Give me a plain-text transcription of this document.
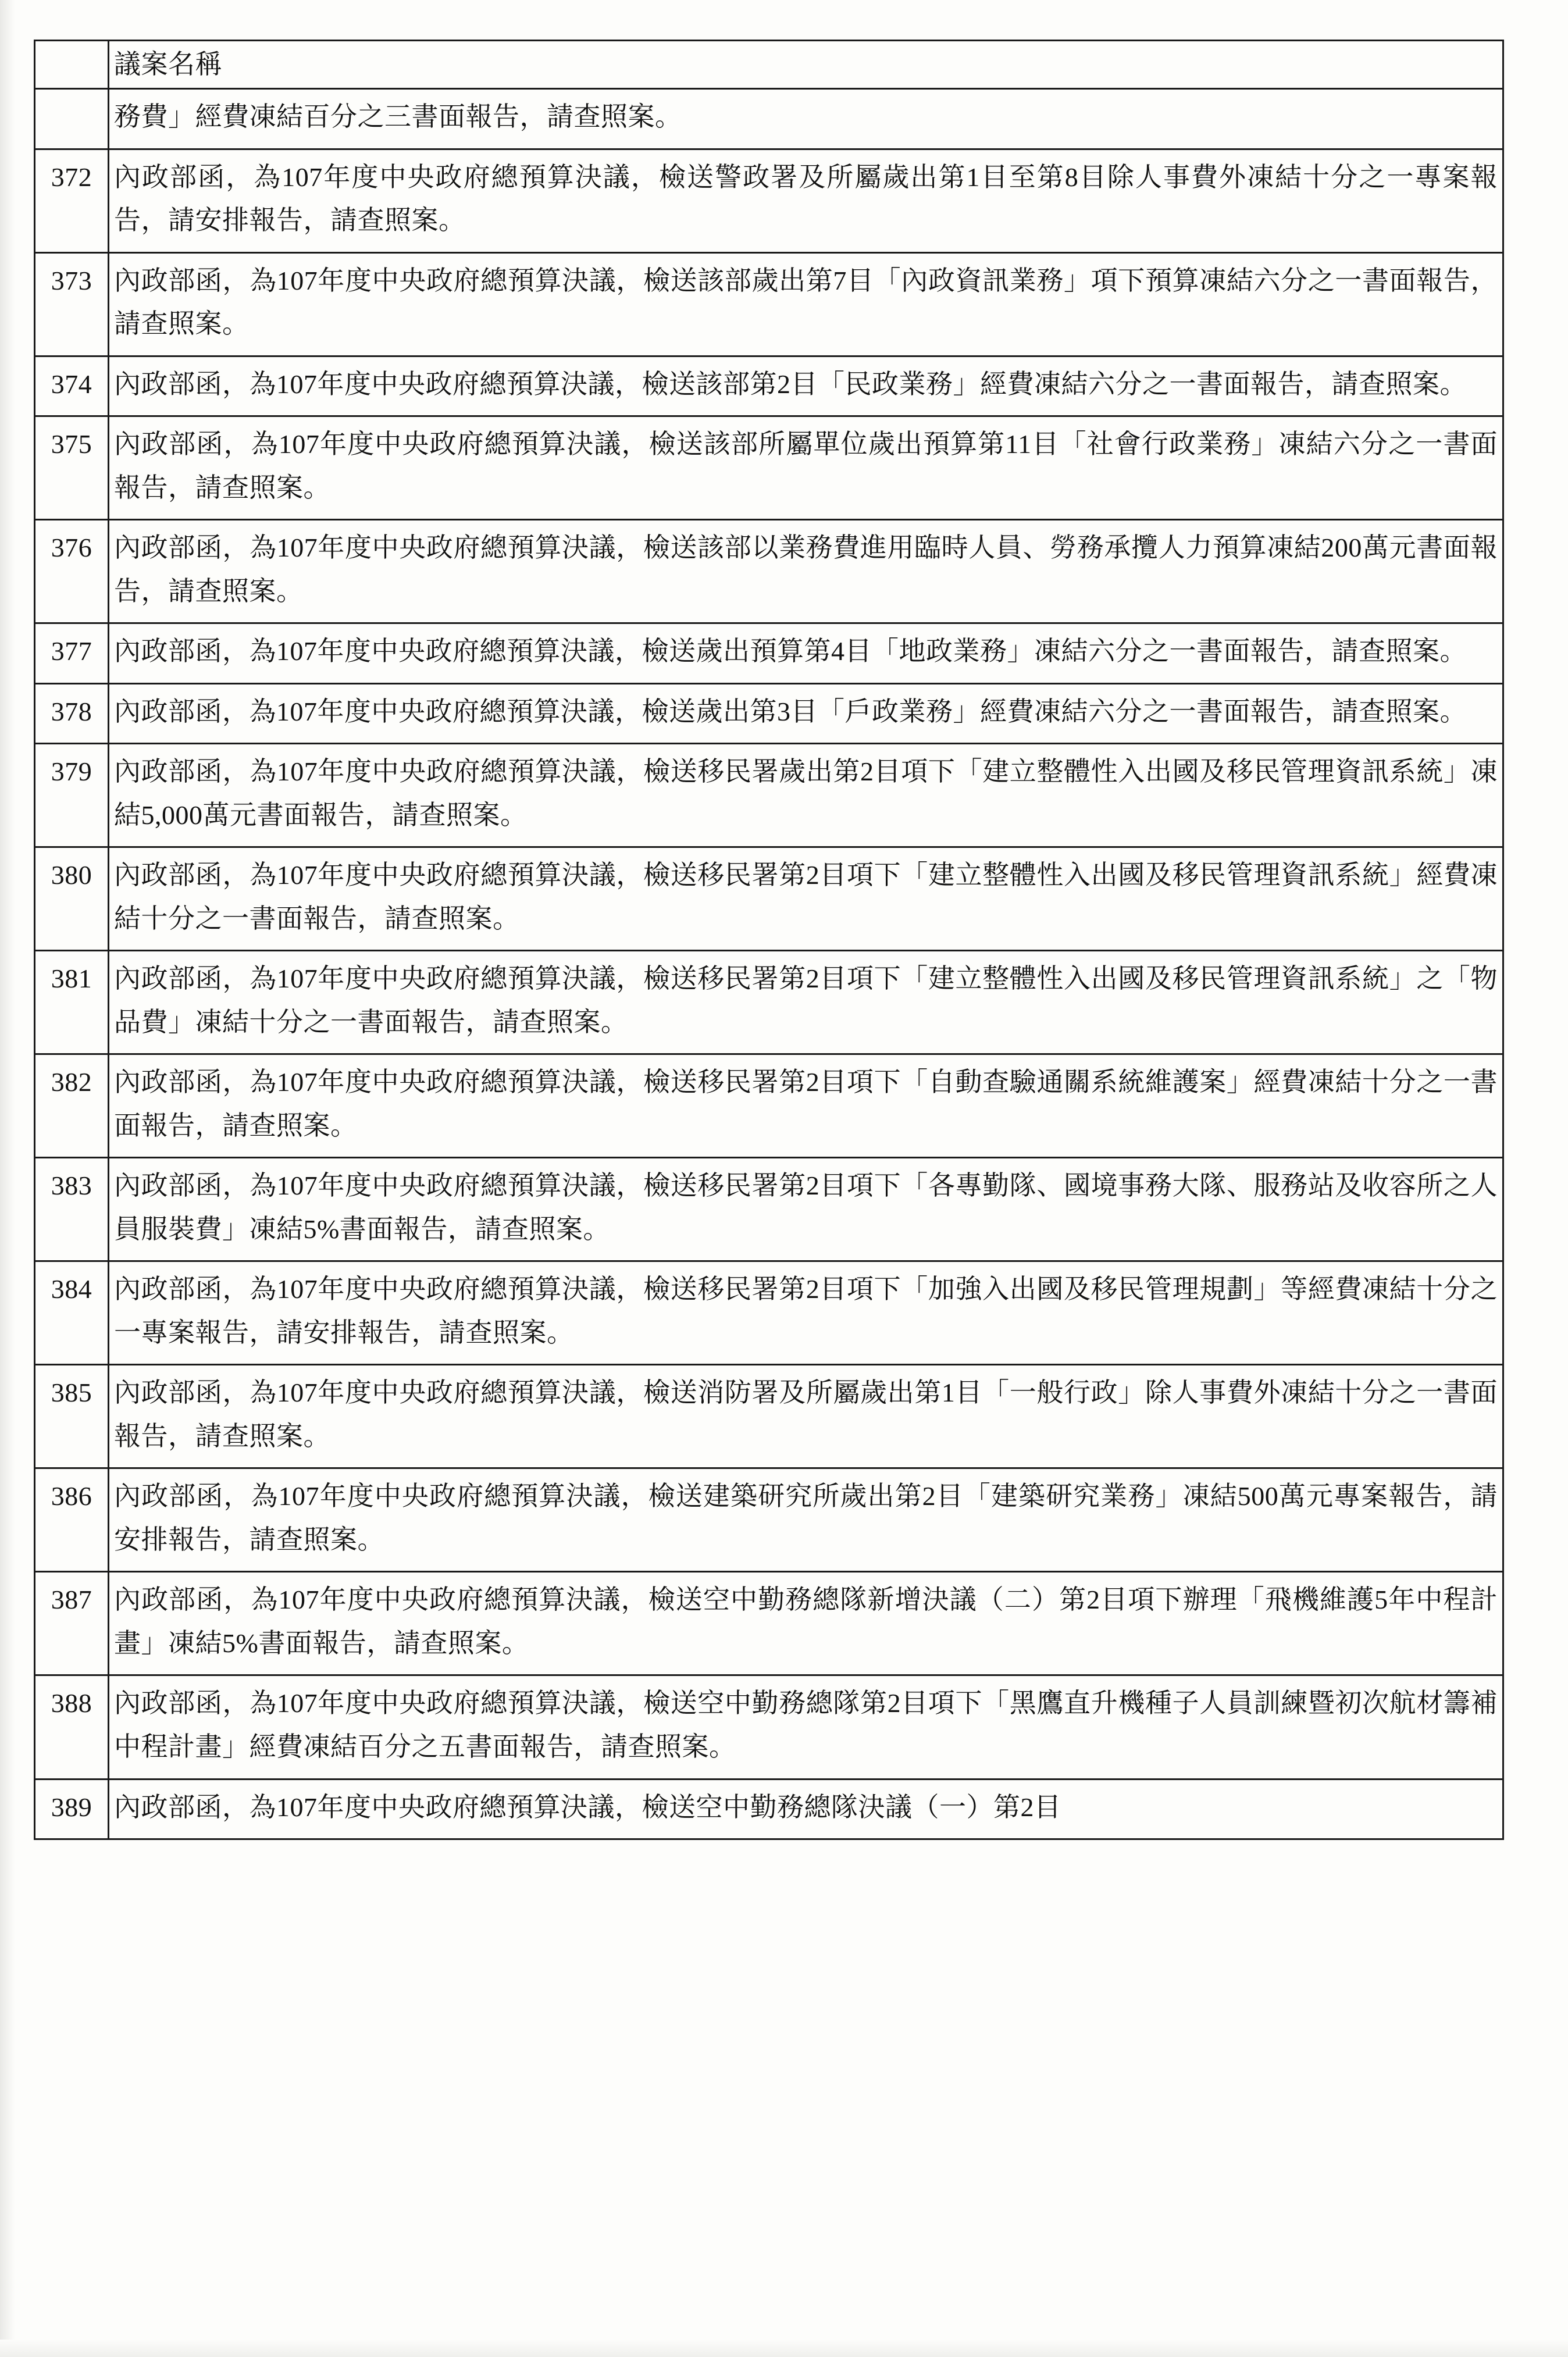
	議案名稱
	務費」經費凍結百分之三書面報告，請查照案。
372	內政部函，為107年度中央政府總預算決議，檢送警政署及所屬歲出第1目至第8目除人事費外凍結十分之一專案報告，請安排報告，請查照案。
373	內政部函，為107年度中央政府總預算決議，檢送該部歲出第7目「內政資訊業務」項下預算凍結六分之一書面報告，請查照案。
374	內政部函，為107年度中央政府總預算決議，檢送該部第2目「民政業務」經費凍結六分之一書面報告，請查照案。
375	內政部函，為107年度中央政府總預算決議，檢送該部所屬單位歲出預算第11目「社會行政業務」凍結六分之一書面報告，請查照案。
376	內政部函，為107年度中央政府總預算決議，檢送該部以業務費進用臨時人員、勞務承攬人力預算凍結200萬元書面報告，請查照案。
377	內政部函，為107年度中央政府總預算決議，檢送歲出預算第4目「地政業務」凍結六分之一書面報告，請查照案。
378	內政部函，為107年度中央政府總預算決議，檢送歲出第3目「戶政業務」經費凍結六分之一書面報告，請查照案。
379	內政部函，為107年度中央政府總預算決議，檢送移民署歲出第2目項下「建立整體性入出國及移民管理資訊系統」凍結5,000萬元書面報告，請查照案。
380	內政部函，為107年度中央政府總預算決議，檢送移民署第2目項下「建立整體性入出國及移民管理資訊系統」經費凍結十分之一書面報告，請查照案。
381	內政部函，為107年度中央政府總預算決議，檢送移民署第2目項下「建立整體性入出國及移民管理資訊系統」之「物品費」凍結十分之一書面報告，請查照案。
382	內政部函，為107年度中央政府總預算決議，檢送移民署第2目項下「自動查驗通關系統維護案」經費凍結十分之一書面報告，請查照案。
383	內政部函，為107年度中央政府總預算決議，檢送移民署第2目項下「各專勤隊、國境事務大隊、服務站及收容所之人員服裝費」凍結5%書面報告，請查照案。
384	內政部函，為107年度中央政府總預算決議，檢送移民署第2目項下「加強入出國及移民管理規劃」等經費凍結十分之一專案報告，請安排報告，請查照案。
385	內政部函，為107年度中央政府總預算決議，檢送消防署及所屬歲出第1目「一般行政」除人事費外凍結十分之一書面報告，請查照案。
386	內政部函，為107年度中央政府總預算決議，檢送建築研究所歲出第2目「建築研究業務」凍結500萬元專案報告，請安排報告，請查照案。
387	內政部函，為107年度中央政府總預算決議，檢送空中勤務總隊新增決議（二）第2目項下辦理「飛機維護5年中程計畫」凍結5%書面報告，請查照案。
388	內政部函，為107年度中央政府總預算決議，檢送空中勤務總隊第2目項下「黑鷹直升機種子人員訓練暨初次航材籌補中程計畫」經費凍結百分之五書面報告，請查照案。
389	內政部函，為107年度中央政府總預算決議，檢送空中勤務總隊決議（一）第2目
